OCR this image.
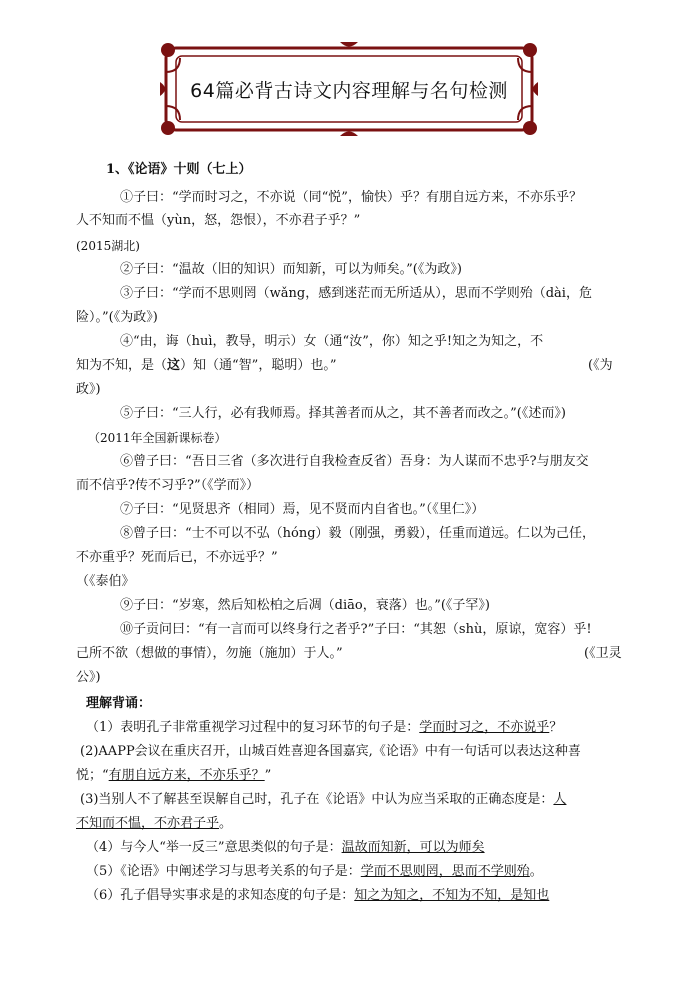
64篇必背古诗文内容理解与名句检测
1、《论语》十则（七上）
①子曰：“学而时习之，不亦说（同“悦”，愉快）乎？有朋自远方来，不亦乐乎？
人不知而不愠（yùn，怒，怨恨），不亦君子乎？”
(2015湖北)
②子曰：“温故（旧的知识）而知新，可以为师矣。”(《为政》)
③子曰：“学而不思则罔（wǎng，感到迷茫而无所适从），思而不学则殆（dài，危
险）。”(《为政》)
④“由，诲（huì，教导，明示）女（通“汝”，你）知之乎!知之为知之，不
知为不知，是（这）知（通“智”，聪明）也。”	(《为
政》)
⑤子曰：“三人行，必有我师焉。择其善者而从之，其不善者而改之。”(《述而》)
（2011年全国新课标卷）
⑥曾子曰：“吾日三省（多次进行自我检查反省）吾身：为人谋而不忠乎?与朋友交
而不信乎?传不习乎?”（《学而》）
⑦子曰：“见贤思齐（相同）焉，见不贤而内自省也。”（《里仁》）
⑧曾子曰：“士不可以不弘（hóng）毅（刚强，勇毅），任重而道远。仁以为己任，
不亦重乎？死而后已，不亦远乎？”
（《泰伯》
⑨子曰：“岁寒，然后知松柏之后凋（diāo，衰落）也。”(《子罕》)
⑩子贡问曰：“有一言而可以终身行之者乎?”子曰：“其恕（shù，原谅，宽容）乎!
己所不欲（想做的事情），勿施（施加）于人。”	(《卫灵
公》)
理解背诵：
（1）表明孔子非常重视学习过程中的复习环节的句子是：学而时习之，不亦说乎？
(2)AAPP会议在重庆召开，山城百姓喜迎各国嘉宾,《论语》中有一句话可以表达这种喜
悦；“有朋自远方来，不亦乐乎？”
(3)当别人不了解甚至误解自己时，孔子在《论语》中认为应当采取的正确态度是：人
不知而不愠，不亦君子乎。
（4）与今人“举一反三”意思类似的句子是：温故而知新，可以为师矣
（5）《论语》中阐述学习与思考关系的句子是：学而不思则罔，思而不学则殆。
（6）孔子倡导实事求是的求知态度的句子是：知之为知之，不知为不知，是知也
